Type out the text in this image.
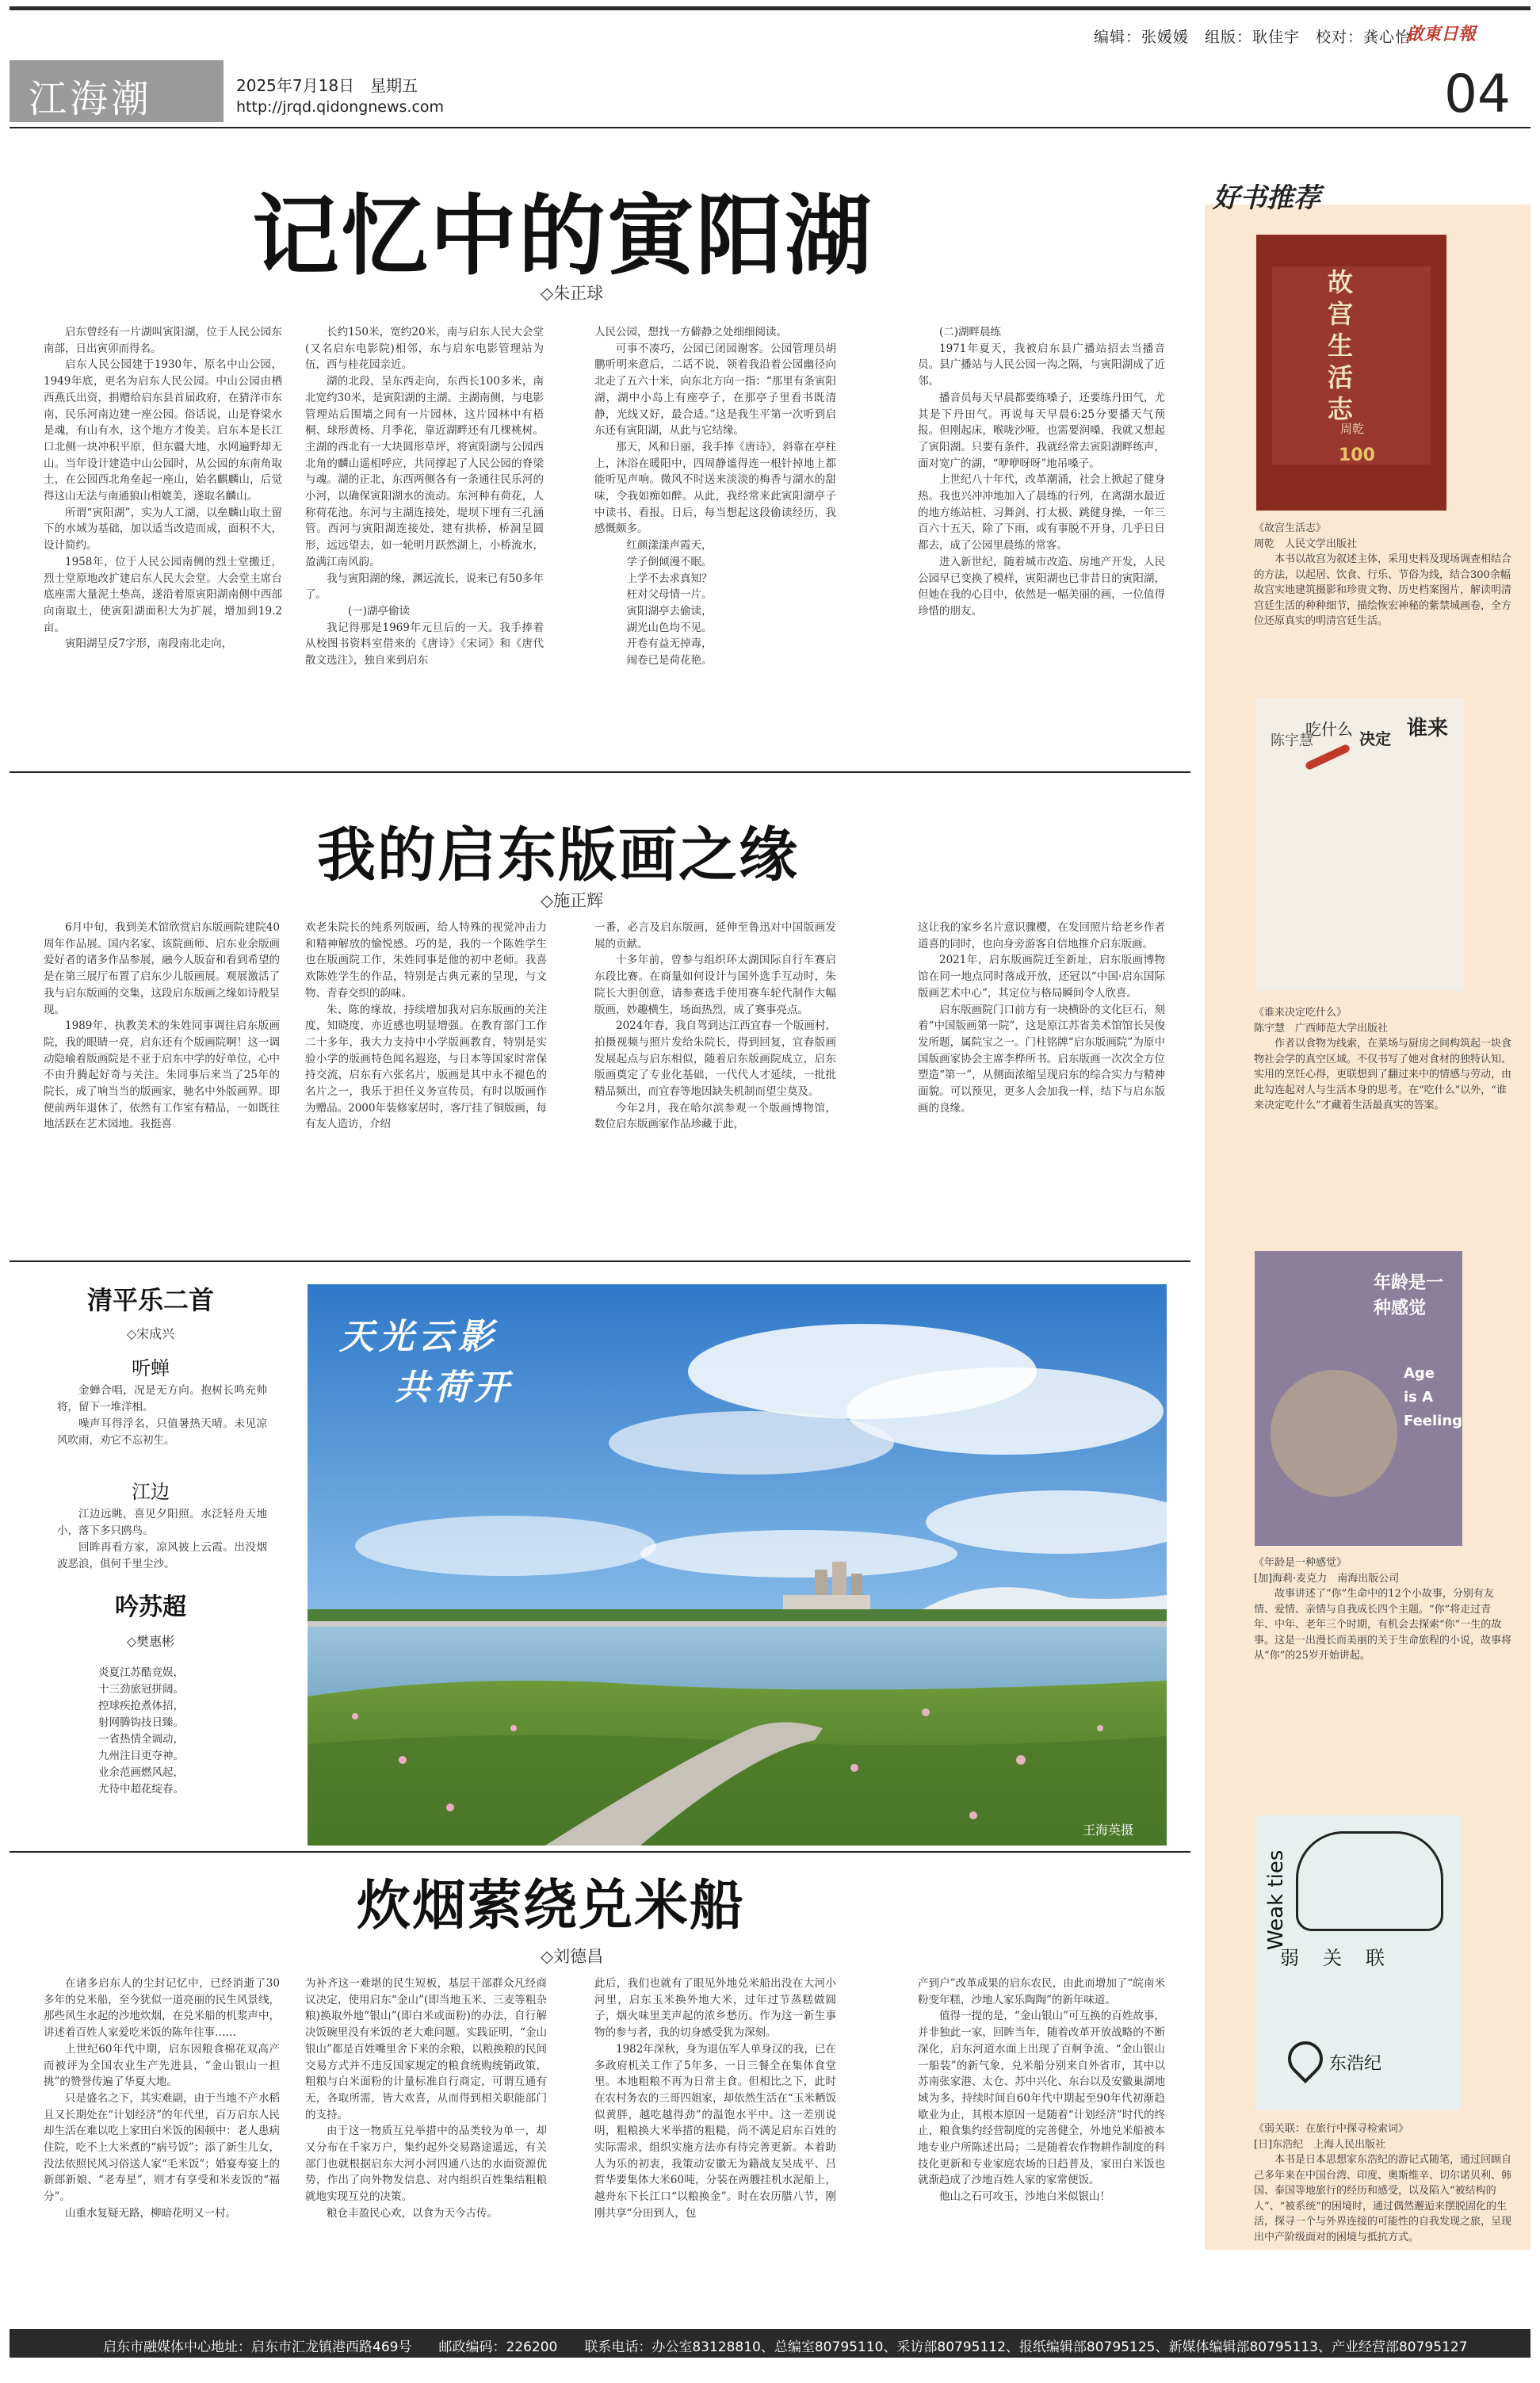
编辑：张媛媛　组版：耿佳宇　校对：龚心怡
啟東日報
江海潮	2025年7月18日　星期五
http://jrqd.qidongnews.com	04
记忆中的寅阳湖
◇朱正球

启东曾经有一片湖叫寅阳湖，位于人民公园东南部，日出寅卯而得名。

启东人民公园建于1930年，原名中山公园，1949年底，更名为启东人民公园。中山公园由栖西燕氏出资，捐赠给启东县首届政府，在猜洋市东南，民乐河南边建一座公园。俗话说，山是脊梁水是魂，有山有水，这个地方才俊美。启东本是长江口北侧一块冲积平原，但东疆大地，水网遍野却无山。当年设计建造中山公园时，从公园的东南角取土，在公园西北角垒起一座山，始名麒麟山，后觉得这山无法与南通狼山相媲美，遂取名麟山。

所谓“寅阳湖”，实为人工湖，以垒麟山取土留下的水域为基础，加以适当改造而成，面积不大，设计简约。

1958年，位于人民公园南侧的烈士堂搬迁，烈士堂原地改扩建启东人民大会堂。大会堂主席台底座需大量泥土垫高，遂沿着原寅阳湖南侧中西部向南取土，使寅阳湖面积大为扩展，增加到19.2亩。

寅阳湖呈反7字形，南段南北走向，

长约150米，宽约20米，南与启东人民大会堂(又名启东电影院)相邻，东与启东电影管理站为伍，西与桂花园亲近。

湖的北段，呈东西走向，东西长100多米，南北宽约30米，是寅阳湖的主湖。主湖南侧，与电影管理站后围墙之间有一片园林，这片园林中有梧桐、球形黄杨、月季花，靠近湖畔还有几棵桃树。主湖的西北有一大块圆形草坪，将寅阳湖与公园西北角的麟山遥相呼应，共同撑起了人民公园的脊梁与魂。湖的正北，东西两侧各有一条通往民乐河的小河，以确保寅阳湖水的流动。东河种有荷花，人称荷花池。东河与主湖连接处，堤坝下埋有三孔涵管。西河与寅阳湖连接处，建有拱桥，桥洞呈圆形，远远望去，如一轮明月跃然湖上，小桥流水，盈满江南风韵。

我与寅阳湖的缘，渊远流长，说来已有50多年了。

(一)湖亭偷读

我记得那是1969年元旦后的一天。我手捧着从校图书资料室借来的《唐诗》《宋词》和《唐代散文选注》，独自来到启东

人民公园，想找一方僻静之处细细阅读。

可事不凑巧，公园已闭园谢客。公园管理员胡鹏听明来意后，二话不说，领着我沿着公园幽径向北走了五六十米，向东北方向一指：“那里有条寅阳湖，湖中小岛上有座亭子，在那亭子里看书既清静，光线又好，最合适。”这是我生平第一次听到启东还有寅阳湖，从此与它结缘。

那天，风和日丽，我手捧《唐诗》，斜靠在亭柱上，沐浴在暖阳中，四周静谧得连一根针掉地上都能听见声响。微风不时送来淡淡的梅香与湖水的甜味，令我如痴如醉。从此，我经常来此寅阳湖亭子中读书、看报。日后，每当想起这段偷读经历，我感慨颇多。

红颜漾漾声霞天，

学子倒倾漫不眠。

上学不去求真知？

枉对父母情一片。

寅阳湖亭去偷读，

湖光山色均不见。

开卷有益无掉毒，

闹卷已是荷花艳。

(二)湖畔晨练

1971年夏天，我被启东县广播站招去当播音员。县广播站与人民公园一沟之隔，与寅阳湖成了近邻。

播音员每天早晨都要练嗓子，还要练丹田气，尤其是下丹田气。再说每天早晨6:25分要播天气预报。但刚起床，喉咙沙哑，也需要润嗓，我就又想起了寅阳湖。只要有条件，我就经常去寅阳湖畔练声，面对宽广的湖，“咿咿呀呀”地吊嗓子。

上世纪八十年代，改革潮涌，社会上掀起了健身热。我也兴冲冲地加入了晨练的行列，在离湖水最近的地方练站桩、习舞剑、打太极、跳健身操，一年三百六十五天，除了下雨，或有事脱不开身，几乎日日都去，成了公园里晨练的常客。

进入新世纪，随着城市改造、房地产开发，人民公园早已变换了模样，寅阳湖也已非昔日的寅阳湖，但她在我的心目中，依然是一幅美丽的画，一位值得珍惜的朋友。

我的启东版画之缘
◇施正辉

6月中旬，我到美术馆欣赏启东版画院建院40周年作品展。国内名家、该院画师、启东业余版画爱好者的诸多作品参展，融今人版奋和看到希望的是在第三展厅布置了启东少儿版画展。观展激活了我与启东版画的交集，这段启东版画之缘如诗般呈现。

1989年，执教美术的朱姓同事调往启东版画院，我的眼睛一亮，启东还有个版画院啊！这一调动隐喻着版画院是不亚于启东中学的好单位，心中不由升腾起好奇与关注。朱同事后来当了25年的院长，成了响当当的版画家，驰名中外版画界。即便前两年退休了，依然有工作室有精品，一如既往地活跃在艺术园地。我挺喜

欢老朱院长的纯系列版画，给人特殊的视觉冲击力和精神解放的愉悦感。巧的是，我的一个陈姓学生也在版画院工作，朱姓同事是他的初中老师。我喜欢陈姓学生的作品，特别是古典元素的呈现，与文物、青春交织的韵味。

朱、陈的缘故，持续增加我对启东版画的关注度，知晓度，亦近感也明显增强。在教育部门工作二十多年，我大力支持中小学版画教育，特别是实验小学的版画特色闻名遐迩，与日本等国家时常保持交流，启东有六张名片，版画是其中永不褪色的名片之一，我乐于担任义务宣传员，有时以版画作为赠品。2000年装修家居时，客厅挂了铜版画，每有友人造访，介绍

一番，必言及启东版画，延伸至鲁迅对中国版画发展的贡献。

十多年前，曾参与组织环太湖国际自行车赛启东段比赛。在商量如何设计与国外选手互动时，朱院长大胆创意，请参赛选手使用赛车轮代制作大幅版画，妙趣横生，场面热烈，成了赛事亮点。

2024年春，我自驾到达江西宜春一个版画村，拍摄视频与照片发给朱院长，得到回复，宜春版画发展起点与启东相似，随着启东版画院成立，启东版画奠定了专业化基础，一代代人才延续，一批批精品频出，而宜春等地因缺失机制而望尘莫及。

今年2月，我在哈尔滨参观一个版画博物馆，数位启东版画家作品珍藏于此，

这让我的家乡名片意识骤樱，在发回照片给老乡作者道喜的同时，也向身旁游客自信地推介启东版画。

2021年，启东版画院迁至新址，启东版画博物馆在同一地点同时落成开放，还冠以“中国·启东国际版画艺术中心”，其定位与格局瞬间令人欣喜。

启东版画院门口前方有一块横卧的文化巨石，刻着“中国版画第一院”，这是原江苏省美术馆馆长吴俊发所题，属院宝之一。门柱铭牌“启东版画院”为原中国版画家协会主席李桦所书。启东版画一次次全方位塑造“第一”，从侧面浓缩呈现启东的综合实力与精神面貌。可以预见，更多人会加我一样，结下与启东版画的良缘。

清平乐二首
◇宋成兴
听蝉

金蝉合唱，况是无方向。抱树长鸣充帅将，留下一堆洋相。

噪声耳得浮名，只值暑热天晴。未见凉风吹雨，劝它不忘初生。

江边

江边远眺，喜见夕阳照。水泛轻舟天地小，落下多只鸥鸟。

回眸再看方家，凉风披上云霞。出没烟波恶浪，俱何千里尘沙。

吟苏超
◇樊惠彬
炎夏江苏酷竞娱，
十三劲旅冠拼阔。
控球疾抢煮体招，
射网腾钩技日臻。
一省热情全调动，
九州注目更夺神。
业余范画燃风起，
尤待中超花绽春。
天光云影
共荷开
王海英摄
炊烟萦绕兑米船
◇刘德昌

在诸多启东人的尘封记忆中，已经消逝了30多年的兑米船，至今犹似一道亮丽的民生风景线，那些风生水起的沙地炊烟，在兑米船的机浆声中，讲述着百姓人家爱吃米饭的陈年往事……

上世纪60年代中期，启东因粮食棉花双高产而被评为全国农业生产先进县，“金山银山一担挑”的赞誉传遍了华夏大地。

只是盛名之下，其实难副，由于当地不产水稻且又长期处在“计划经济”的年代里，百万启东人民却生活在难以吃上家田白米饭的困顿中：老人患病住院，吃不上大米煮的“病号饭”；添了新生儿女，没法依照民风习俗送人家“毛米饭”；婚宴寿宴上的新郎新娘、“老寿星”，则才有享受和米麦饭的“福分”。

山重水复疑无路，柳暗花明又一村。

为补齐这一难堪的民生短板，基层干部群众凡经商议决定，使用启东“金山”(即当地玉米、三麦等粗杂粮)换取外地“银山”(即白米或面粉)的办法，自行解决饭碗里没有米饭的老大难问题。实践证明，“金山银山”都是百姓嘴里舍下来的余粮，以粮换粮的民间交易方式并不违反国家规定的粮食统购统销政策，粗粮与白米面粉的计量标准自行商定，可谓互通有无，各取所需，皆大欢喜，从而得到相关职能部门的支持。

由于这一物质互兑举措中的品类较为单一，却又分布在千家万户，集约起外交易路途遥远，有关部门也就根据启东大河小河四通八达的水面资源优势，作出了向外物发信息、对内组织百姓集结粗粮就地实现互兑的决策。

粮仓丰盈民心欢，以食为天今古传。

此后，我们也就有了眼见外地兑米船出没在大河小河里，启东玉米换外地大米，过年过节蒸糕做圆子，烟火味里美声起的浓乡愁历。作为这一新生事物的参与者，我的切身感受犹为深刻。

1982年深秋，身为退伍军人单身汉的我，已在多政府机关工作了5年多，一日三餐全在集体食堂里。本地粗粮不再为日常主食。但相比之下，此时在农村务农的三哥四姐家，却依然生活在“玉米粞饭似黄胖，越吃越得劲”的温饱水平中。这一差别说明，粗粮换大米举措的粗糙，尚不满足启东百姓的实际需求，组织实施方法亦有待完善更新。本着助人为乐的初衷，我策动安徽无为籍战友吴成平、吕哲华要集体大米60吨，分装在两艘挂机水泥船上，越舟东下长江口“以粮换金”。时在农历腊八节，刚刚共享“分田到人，包

产到户”改革成果的启东农民，由此而增加了“皖南米粉变年糕，沙地人家乐陶陶”的新年味道。

值得一提的是，“金山银山”可互换的百姓故事，并非独此一家，回眸当年，随着改革开放战略的不断深化，启东河道水面上出现了百舸争流、“金山银山一船装”的新气象，兑米船分别来自外省市，其中以苏南张家港、太仓、苏中兴化、东台以及安徽巢湖地域为多，持续时间自60年代中期起至90年代初渐趋歇业为止，其根本原因一是随着“计划经济”时代的终止，粮食集约经营制度的完善健全，外地兑米船被本地专业户所陈述出局；二是随着农作物耕作制度的科技化更新和专业家庭农场的日趋普及，家田白米饭也就渐趋成了沙地百姓人家的家常便饭。

他山之石可攻玉，沙地白米似银山！

好书推荐
故宫生活志
周乾
100

《故宫生活志》

周乾　人民文学出版社

本书以故宫为叙述主体，采用史料及现场调查相结合的方法，以起居、饮食、行乐、节俗为线，结合300余幅故宫实地建筑摄影和珍贵文物、历史档案图片，解读明清宫廷生活的种种细节，描绘恢宏神秘的紫禁城画卷，全方位还原真实的明清宫廷生活。

谁来
决定
吃什么
陈宇慧

《谁来决定吃什么》

陈宇慧　广西师范大学出版社

作者以食物为线索，在菜场与厨房之间构筑起一块食物社会学的真空区域。不仅书写了她对食材的独特认知、实用的烹饪心得，更联想到了翻过来中的情感与劳动，由此勾连起对人与生活本身的思考。在“吃什么”以外，“谁来决定吃什么”才藏着生活最真实的答案。

年龄是一种感觉
Age is A Feeling

《年龄是一种感觉》

[加]海莉·麦克力　南海出版公司

故事讲述了“你”生命中的12个小故事，分别有友情、爱情、亲情与自我成长四个主题。“你”将走过青年、中年、老年三个时期，有机会去探索“你”一生的故事。这是一出漫长而美丽的关于生命旅程的小说，故事将从“你”的25岁开始讲起。

Weak ties
弱关联
东浩纪

《弱关联：在旅行中探寻检索词》

[日]东浩纪　上海人民出版社

本书是日本思想家东浩纪的游记式随笔，通过回顾自己多年来在中国台湾、印度、奥斯维辛、切尔诺贝利、韩国、泰国等地旅行的经历和感受，以及陷入“被结构的人”、“被系统”的困境时，通过偶然邂逅来摆脱固化的生活，探寻一个与外界连接的可能性的自我发现之旅，呈现出中产阶级面对的困境与抵抗方式。

启东市融媒体中心地址：启东市汇龙镇港西路469号　　邮政编码：226200　　联系电话：办公室83128810、总编室80795110、采访部80795112、报纸编辑部80795125、新媒体编辑部80795113、产业经营部80795127
